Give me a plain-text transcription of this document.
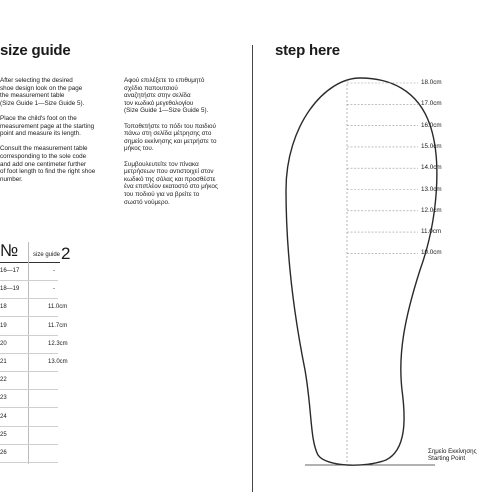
size guide
After selecting the desired
shoe design look on the page
the measurement table
(Size Guide 1—Size Guide 5).

Place the child's foot on the
measurement page at the starting
point and measure its length.

Consult the measurement table
corresponding to the sole code
and add one centimeter further
of foot length to find the right shoe
number.
Αφού επιλέξετε το επιθυμητό
σχέδιο παπουτσιού
αναζητήστε στην σελίδα
τον κωδικό μεγεθολογίου
(Size Guide 1—Size Guide 5).

Τοποθετήστε το πόδι του παιδιού
πάνω στη σελίδα μέτρησης στο
σημείο εκκίνησης και μετρήστε το
μήκος του.

Συμβουλευτείτε τον πίνακα
μετρήσεων που αντιστοιχεί στον
κωδικό της σόλας και προσθέστε
ένα επιπλέον εκατοστό στο μήκος
του ποδιού για να βρείτε το
σωστό νούμερο.
№ size guide2
16—17	-
18—19	-
18	11.0cm
19	11.7cm
20	12.3cm
21	13.0cm
22
23
24
25
26
step here
18.0cm
17.0cm
16.0cm
15.0cm
14.0cm
13.0cm
12.0cm
11.0cm
10.0cm
Σημείο Εκκίνησης
Starting Point
